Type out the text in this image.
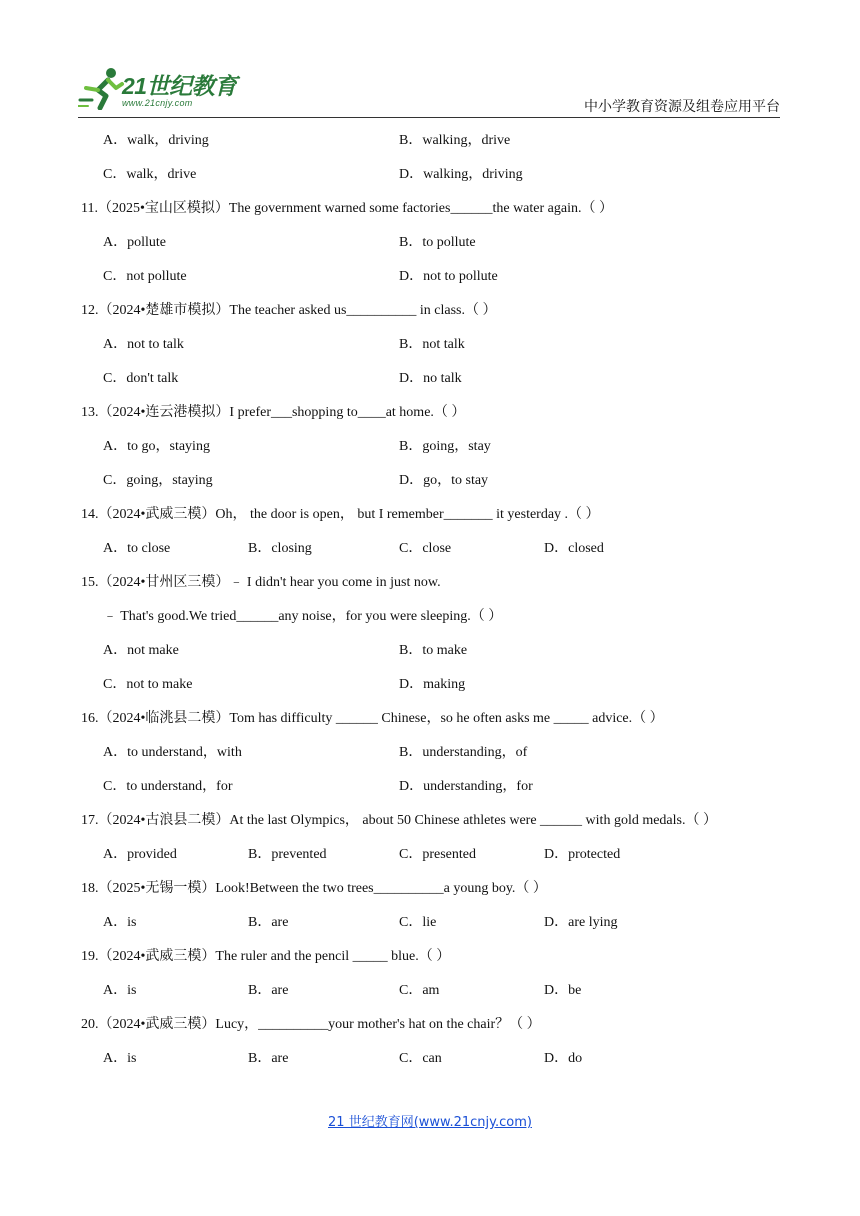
21世纪教育
www.21cnjy.com	中小学教育资源及组卷应用平台
A．walk，driving	B．walking，drive
C．walk，drive	D．walking，driving
11.（2025•宝山区模拟）The government warned some factories______the water again.（ ）
A．pollute	B．to pollute
C．not pollute	D．not to pollute
12.（2024•楚雄市模拟）The teacher asked us__________ in class.（ ）
A．not to talk	B．not talk
C．don't talk	D．no talk
13.（2024•连云港模拟）I prefer___shopping to____at home.（ ）
A．to go，staying	B．going，stay
C．going，staying	D．go，to stay
14.（2024•武威三模）Oh， the door is open， but I remember_______ it yesterday .（ ）
A．to close	B．closing	C．close	D．closed
15.（2024•甘州区三模）﹣ I didn't hear you come in just now.
﹣ That's good.We tried______any noise，for you were sleeping.（ ）
A．not make	B．to make
C．not to make	D．making
16.（2024•临洮县二模）Tom has difficulty ______ Chinese，so he often asks me _____ advice.（ ）
A．to understand，with	B．understanding，of
C．to understand，for	D．understanding，for
17.（2024•古浪县二模）At the last Olympics， about 50 Chinese athletes were ______ with gold medals.（ ）
A．provided	B．prevented	C．presented	D．protected
18.（2025•无锡一模）Look!Between the two trees__________a young boy.（ ）
A．is	B．are	C．lie	D．are lying
19.（2024•武威三模）The ruler and the pencil _____ blue.（ ）
A．is	B．are	C．am	D．be
20.（2024•武威三模）Lucy，__________your mother's hat on the chair？（ ）
A．is	B．are	C．can	D．do
21 世纪教育网(www.21cnjy.com)
